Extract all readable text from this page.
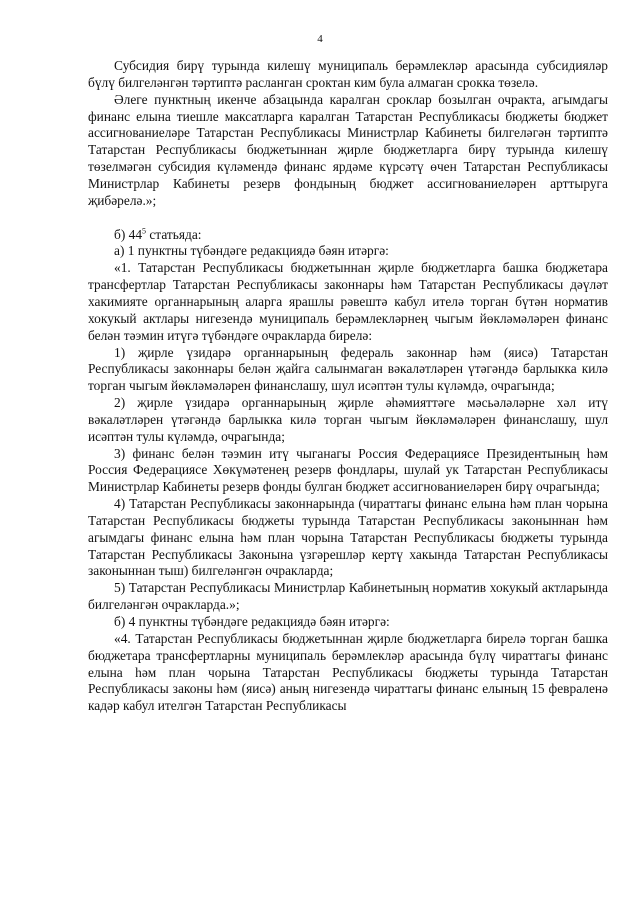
4

Субсидия бирү турында килешү муниципаль берәмлекләр арасында субсидияләр бүлү билгеләнгән тәртиптә расланган сроктан ким була алмаган срокка төзелә.

Әлеге пунктның икенче абзацында каралган сроклар бозылган очракта, агымдагы финанс елына тиешле максатларга каралган Татарстан Республикасы бюджеты бюджет ассигнованиеләре Татарстан Республикасы Министрлар Кабинеты билгеләгән тәртиптә Татарстан Республикасы бюджетыннан җирле бюджетларга бирү турында килешү төзелмәгән субсидия күләмендә финанс ярдәме күрсәтү өчен Татарстан Республикасы Министрлар Кабинеты резерв фондының бюджет ассигнованиеләрен арттыруга җибәрелә.»;

б) $44^5$ статьяда:

а) 1 пунктны түбәндәге редакциядә бәян итәргә:

«1. Татарстан Республикасы бюджетыннан җирле бюджетларга башка бюджетара трансфертлар Татарстан Республикасы законнары һәм Татарстан Республикасы дәүләт хакимияте органнарының аларга ярашлы рәвештә кабул ителә торган бүтән норматив хокукый актлары нигезендә муниципаль берәмлекләрнең чыгым йөкләмәләрен финанс белән тәэмин итүгә түбәндәге очракларда бирелә:

1) җирле үзидарә органнарының федераль законнар һәм (яисә) Татарстан Республикасы законнары белән җайга салынмаган вәкаләтләрен үтәгәндә барлыкка килә торган чыгым йөкләмәләрен финанслашу, шул исәптән тулы күләмдә, очрагында;

2) җирле үзидарә органнарының җирле әһәмияттәге мәсьәләләрне хәл итү вәкаләтләрен үтәгәндә барлыкка килә торган чыгым йөкләмәләрен финанслашу, шул исәптән тулы күләмдә, очрагында;

3) финанс белән тәэмин итү чыганагы Россия Федерациясе Президентының һәм Россия Федерациясе Хөкүмәтенең резерв фондлары, шулай ук Татарстан Республикасы Министрлар Кабинеты резерв фонды булган бюджет ассигнованиеләрен бирү очрагында;

4) Татарстан Республикасы законнарында (чираттагы финанс елына һәм план чорына Татарстан Республикасы бюджеты турында Татарстан Республикасы законыннан һәм агымдагы финанс елына һәм план чорына Татарстан Республикасы бюджеты турында Татарстан Республикасы Законына үзгәрешләр кертү хакында Татарстан Республикасы законыннан тыш) билгеләнгән очракларда;

5) Татарстан Республикасы Министрлар Кабинетының норматив хокукый актларында билгеләнгән очракларда.»;

б) 4 пунктны түбәндәге редакциядә бәян итәргә:

«4. Татарстан Республикасы бюджетыннан җирле бюджетларга бирелә торган башка бюджетара трансфертларны муниципаль берәмлекләр арасында бүлү чираттагы финанс елына һәм план чорына Татарстан Республикасы бюджеты турында Татарстан Республикасы законы һәм (яисә) аның нигезендә чираттагы финанс елының 15 февраленә кадәр кабул ителгән Татарстан Республикасы
